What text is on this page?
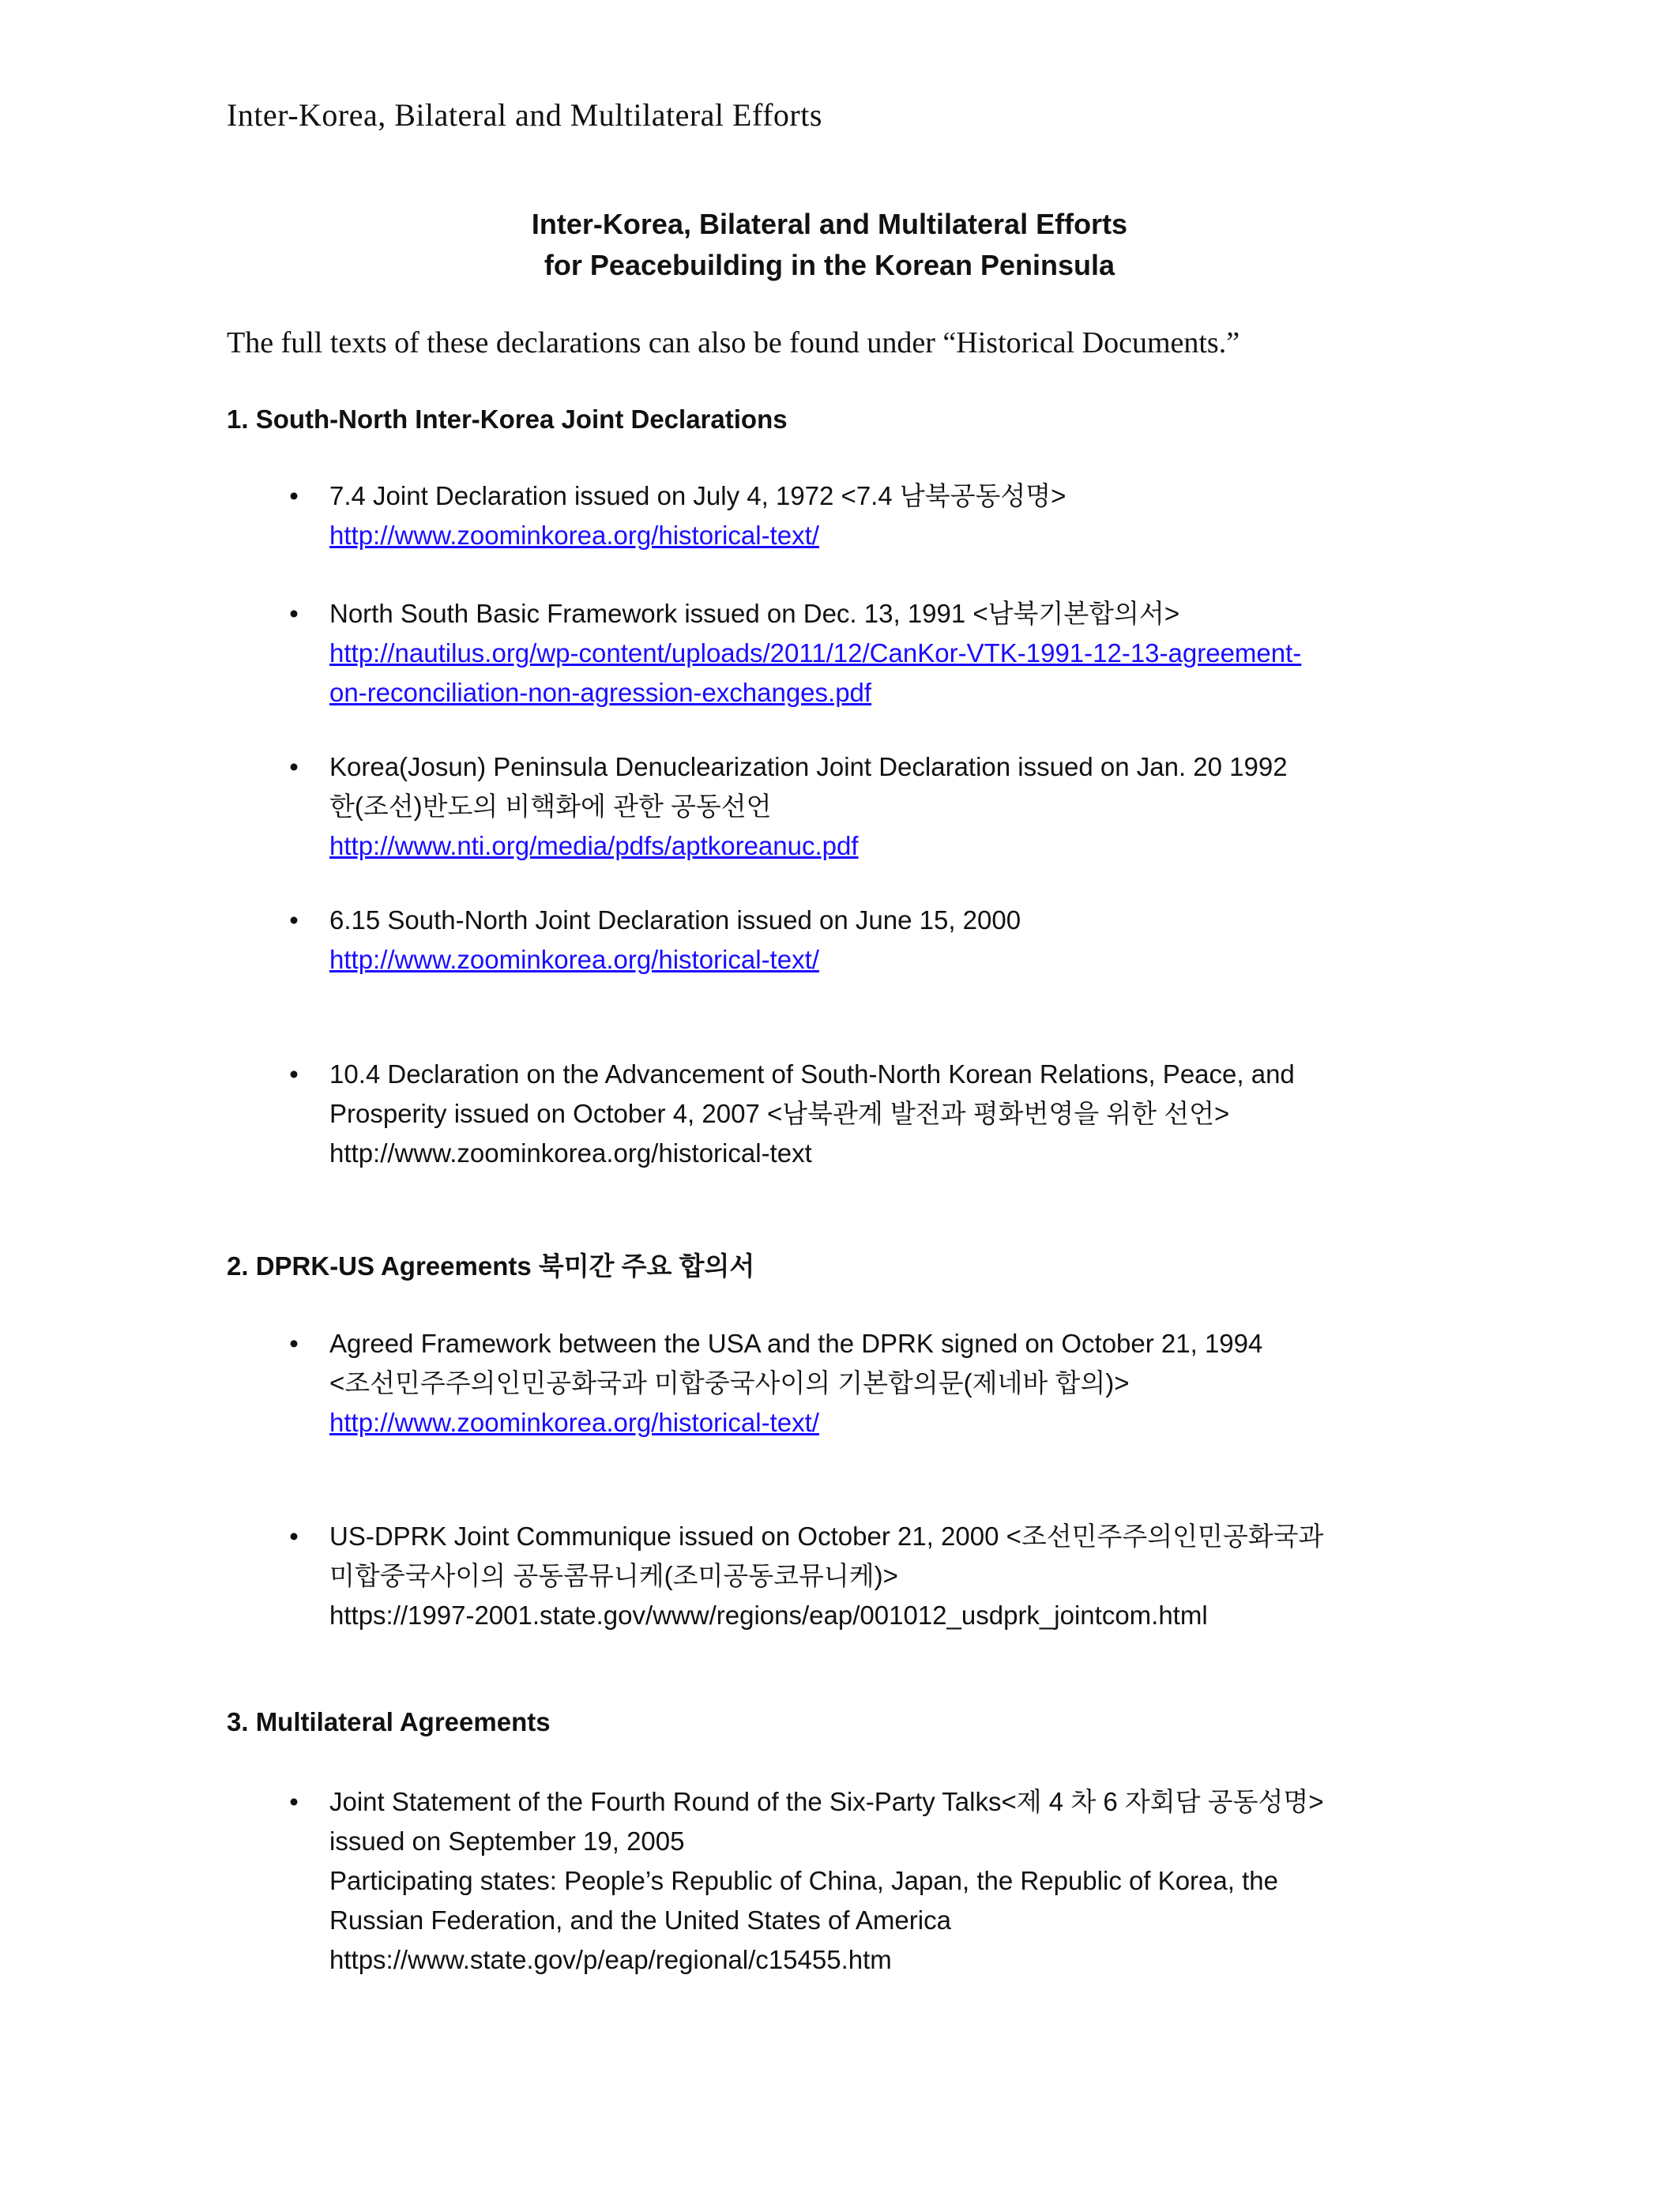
Inter-Korea, Bilateral and Multilateral Efforts
Inter-Korea, Bilateral and Multilateral Efforts
for Peacebuilding in the Korean Peninsula
The full texts of these declarations can also be found under “Historical Documents.”
1. South-North Inter-Korea Joint Declarations
• 7.4 Joint Declaration issued on July 4, 1972 <7.4 남북공동성명>
http://www.zoominkorea.org/historical-text/
• North South Basic Framework issued on Dec. 13, 1991 <남북기본합의서>
http://nautilus.org/wp-content/uploads/2011/12/CanKor-VTK-1991-12-13-agreement-
on-reconciliation-non-agression-exchanges.pdf
• Korea(Josun) Peninsula Denuclearization Joint Declaration issued on Jan. 20 1992
한(조선)반도의 비핵화에 관한 공동선언
http://www.nti.org/media/pdfs/aptkoreanuc.pdf
• 6.15 South-North Joint Declaration issued on June 15, 2000
http://www.zoominkorea.org/historical-text/
• 10.4 Declaration on the Advancement of South-North Korean Relations, Peace, and
Prosperity issued on October 4, 2007 <남북관계 발전과 평화번영을 위한 선언>
http://www.zoominkorea.org/historical-text
2. DPRK-US Agreements 북미간 주요 합의서
• Agreed Framework between the USA and the DPRK signed on October 21, 1994
<조선민주주의인민공화국과 미합중국사이의 기본합의문(제네바 합의)>
http://www.zoominkorea.org/historical-text/
• US-DPRK Joint Communique issued on October 21, 2000 <조선민주주의인민공화국과
미합중국사이의 공동콤뮤니케(조미공동코뮤니케)>
https://1997-2001.state.gov/www/regions/eap/001012_usdprk_jointcom.html
3. Multilateral Agreements
• Joint Statement of the Fourth Round of the Six-Party Talks<제 4 차 6 자회담 공동성명>
issued on September 19, 2005
Participating states: People’s Republic of China, Japan, the Republic of Korea, the
Russian Federation, and the United States of America
https://www.state.gov/p/eap/regional/c15455.htm
